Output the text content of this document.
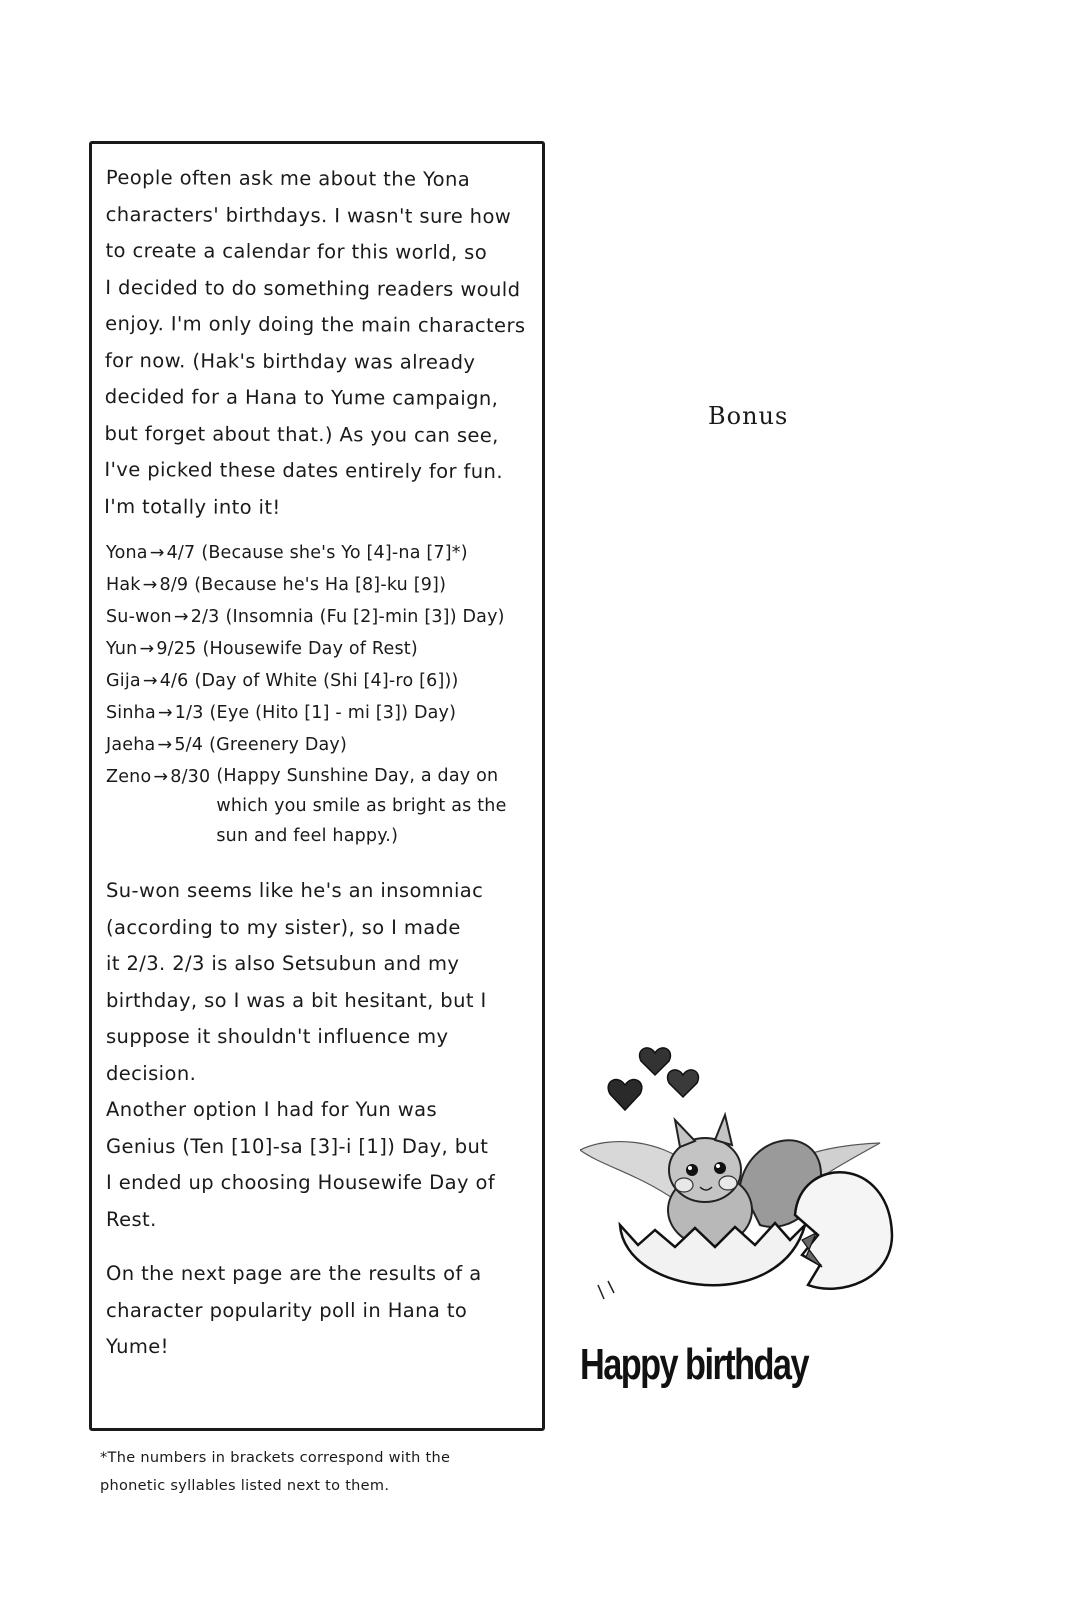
People often ask me about the Yona
characters' birthdays. I wasn't sure how
to create a calendar for this world, so
I decided to do something readers would
enjoy. I'm only doing the main characters
for now. (Hak's birthday was already
decided for a Hana to Yume campaign,
but forget about that.) As you can see,
I've picked these dates entirely for fun.
I'm totally into it!

Yona → 4/7 (Because she's Yo [4]-na [7]*)
Hak → 8/9 (Because he's Ha [8]-ku [9])
Su-won → 2/3 (Insomnia (Fu [2]-min [3]) Day)
Yun → 9/25 (Housewife Day of Rest)
Gija → 4/6 (Day of White (Shi [4]-ro [6]))
Sinha → 1/3 (Eye (Hito [1] - mi [3]) Day)
Jaeha → 5/4 (Greenery Day)
Zeno → 8/30 (Happy Sunshine Day, a day on which you smile as bright as the sun and feel happy.)

Su-won seems like he's an insomniac
(according to my sister), so I made
it 2/3. 2/3 is also Setsubun and my
birthday, so I was a bit hesitant, but I
suppose it shouldn't influence my decision.
Another option I had for Yun was
Genius (Ten [10]-sa [3]-i [1]) Day, but
I ended up choosing Housewife Day of
Rest.

On the next page are the results of a
character popularity poll in Hana to
Yume!

*The numbers in brackets correspond with the
phonetic syllables listed next to them.
Bonus
Happy birthday
